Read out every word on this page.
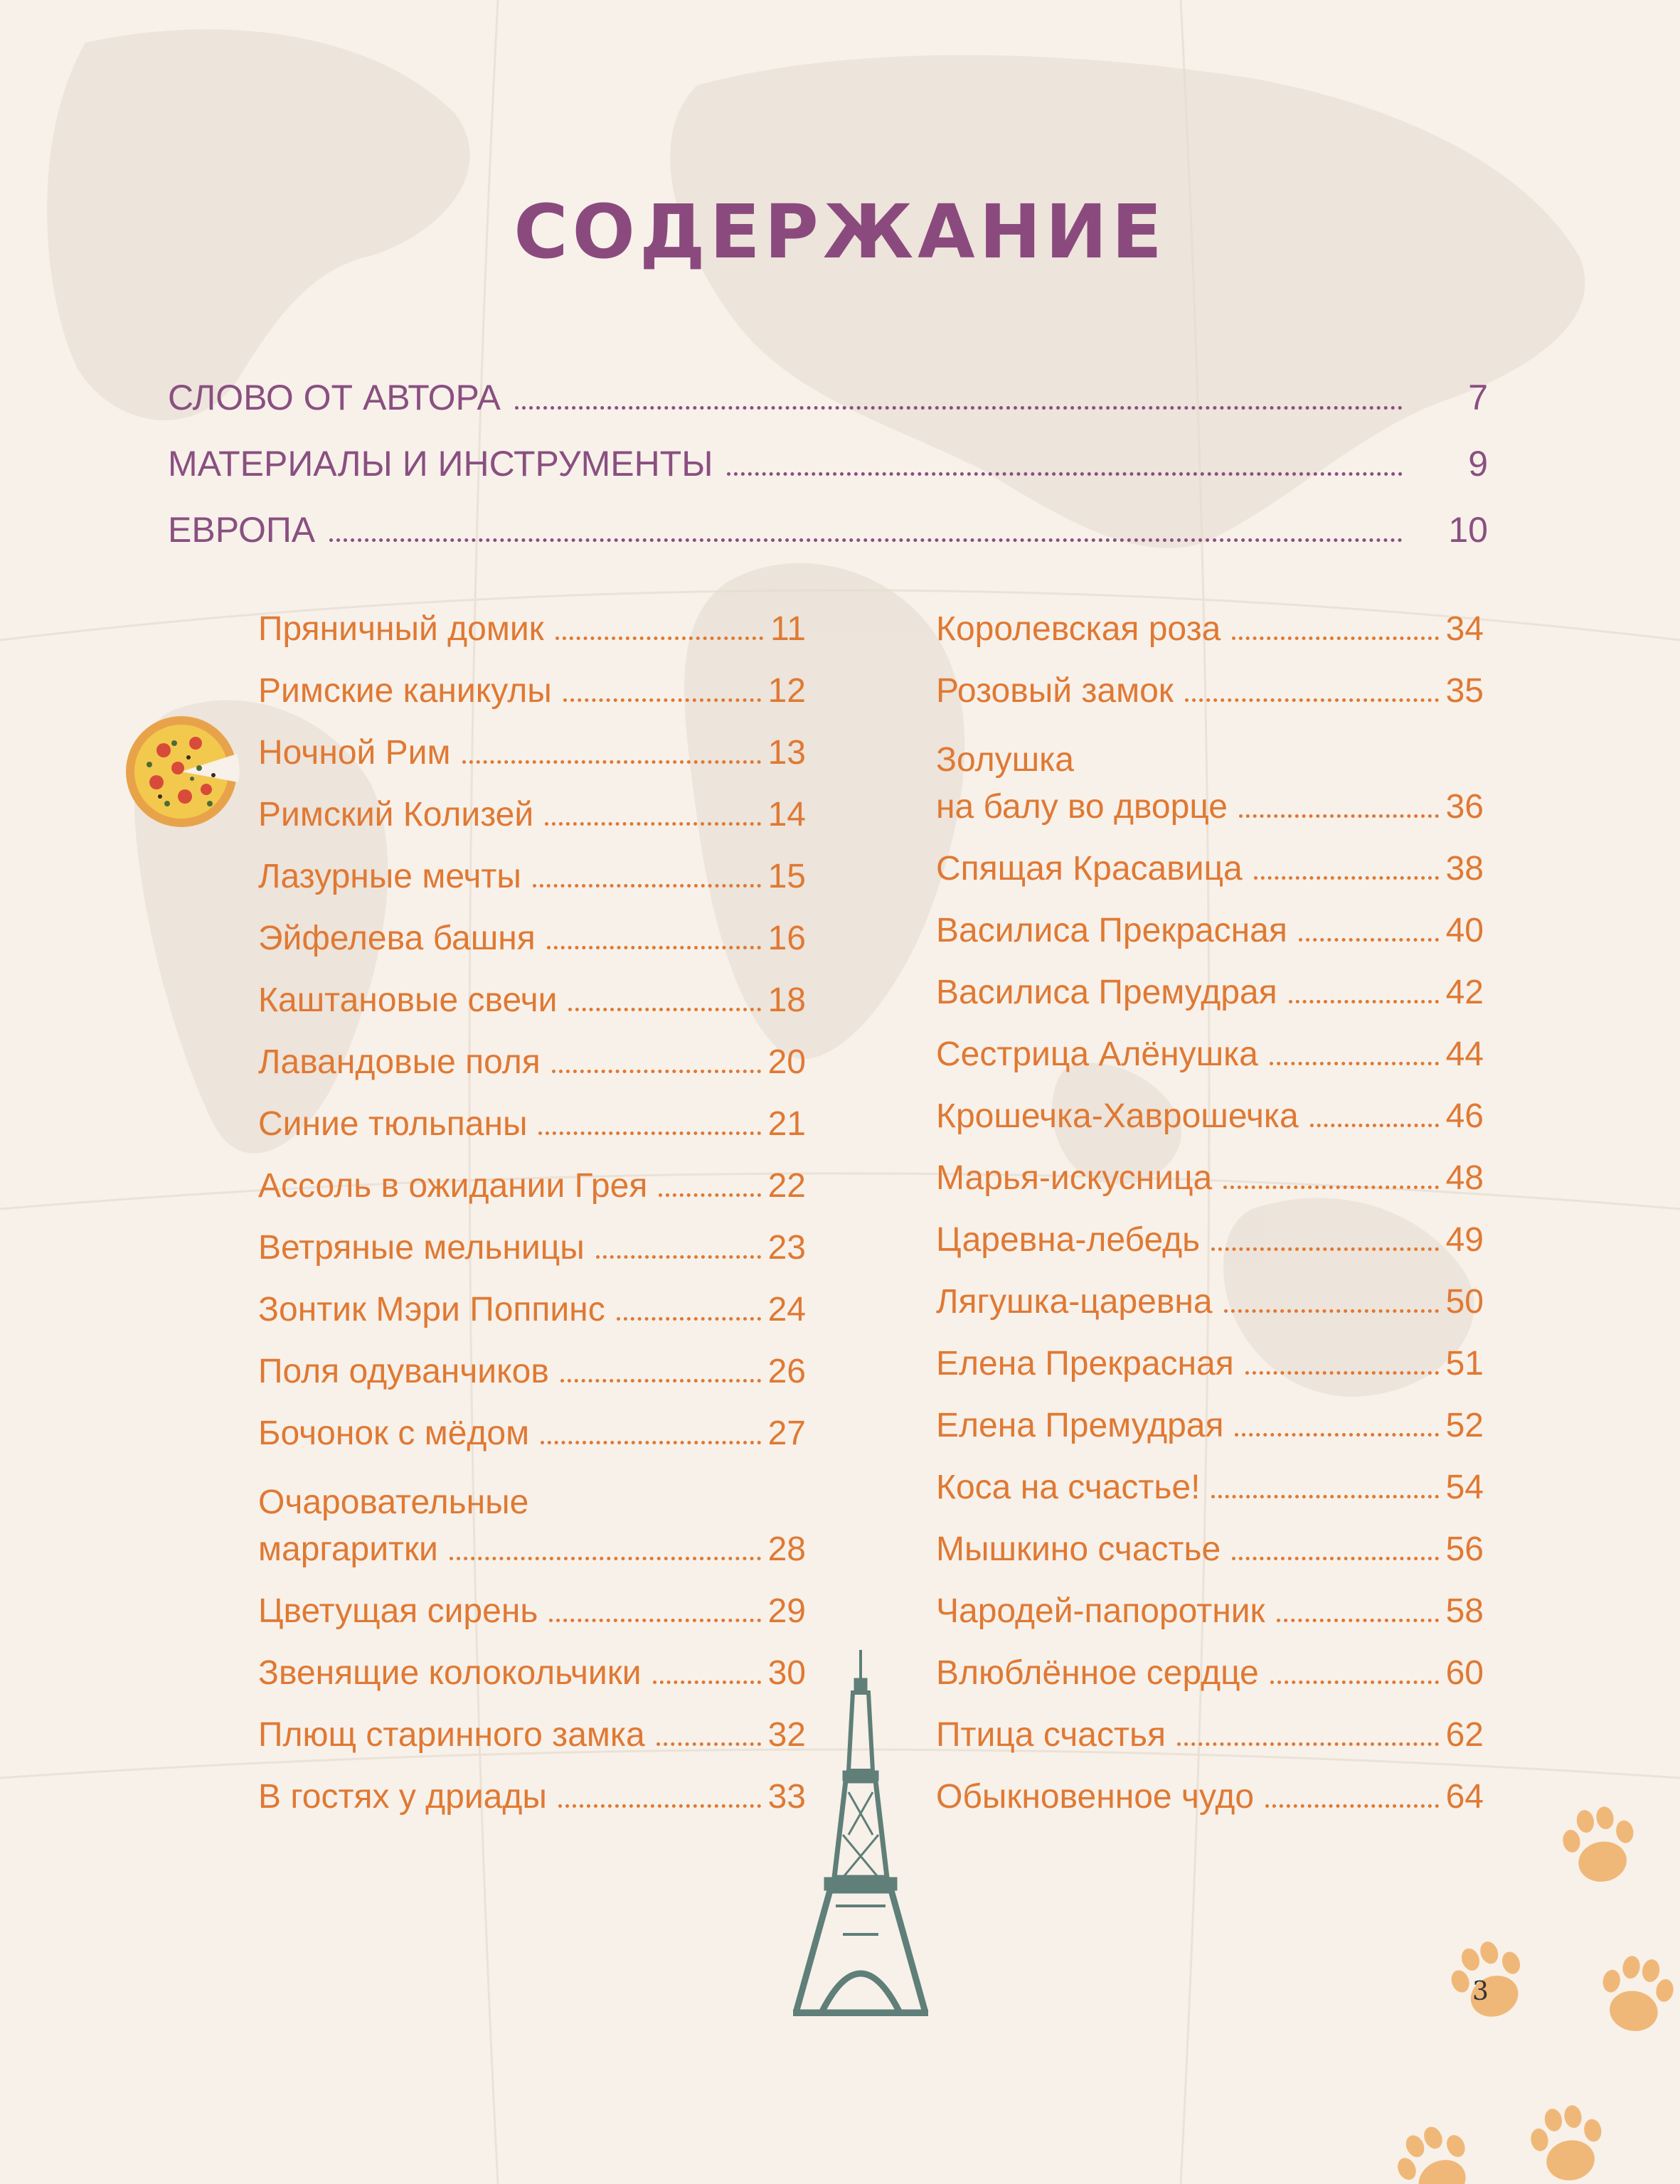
СОДЕРЖАНИЕ
СЛОВО ОТ АВТОРА	7
МАТЕРИАЛЫ И ИНСТРУМЕНТЫ	9
ЕВРОПА	10
Пряничный домик	11
Римские каникулы	12
Ночной Рим	13
Римский Колизей	14
Лазурные мечты	15
Эйфелева башня	16
Каштановые свечи	18
Лавандовые поля	20
Синие тюльпаны	21
Ассоль в ожидании Грея	22
Ветряные мельницы	23
Зонтик Мэри Поппинс	24
Поля одуванчиков	26
Бочонок с мёдом	27
Очаровательные
маргаритки	28
Цветущая сирень	29
Звенящие колокольчики	30
Плющ старинного замка	32
В гостях у дриады	33
Королевская роза	34
Розовый замок	35
Золушка
на балу во дворце	36
Спящая Красавица	38
Василиса Прекрасная	40
Василиса Премудрая	42
Сестрица Алёнушка	44
Крошечка-Хаврошечка	46
Марья-искусница	48
Царевна-лебедь	49
Лягушка-царевна	50
Елена Прекрасная	51
Елена Премудрая	52
Коса на счастье!	54
Мышкино счастье	56
Чародей-папоротник	58
Влюблённое сердце	60
Птица счастья	62
Обыкновенное чудо	64
3
